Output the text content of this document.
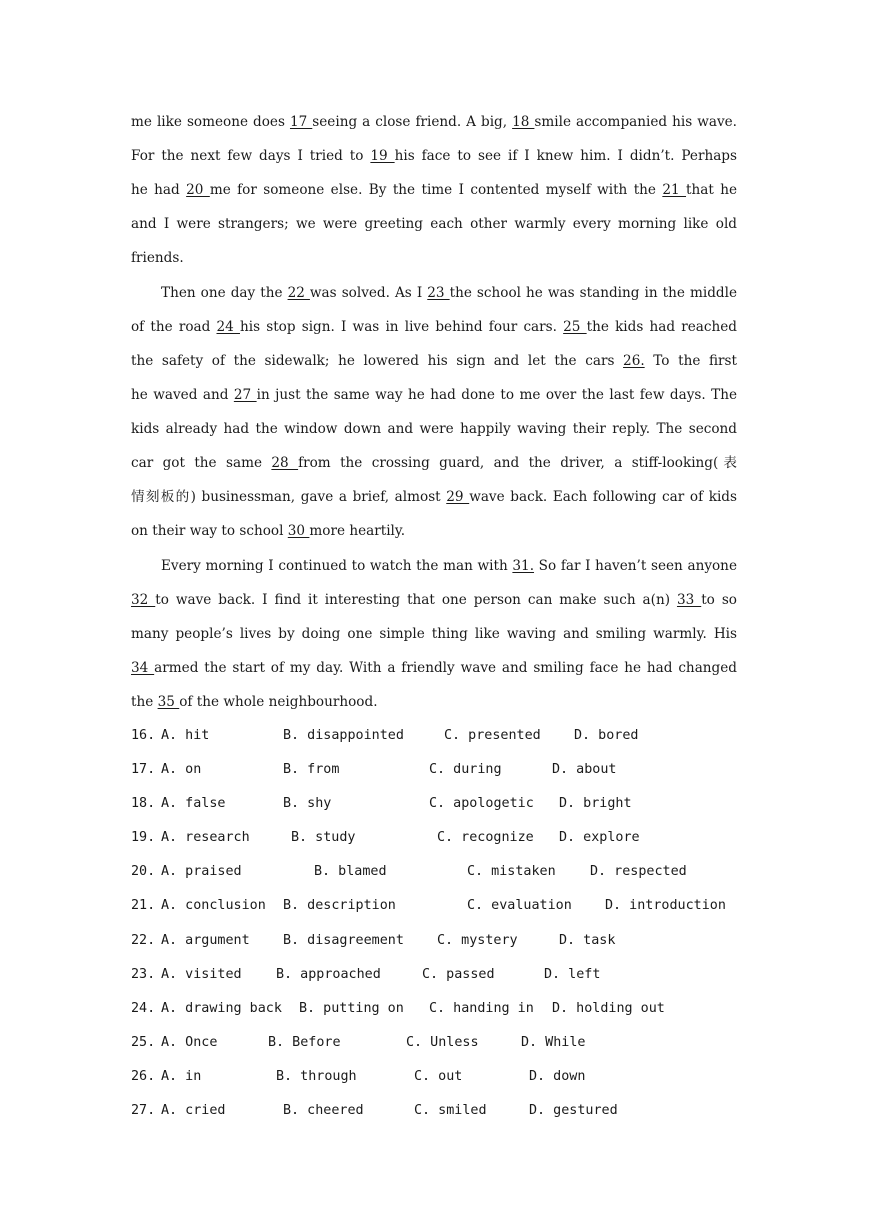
me like someone does 17 seeing a close friend. A big, 18 smile accompanied his wave.
For the next few days I tried to 19 his face to see if I knew him. I didn’t. Perhaps
he had 20 me for someone else. By the time I contented myself with the 21 that he
and I were strangers; we were greeting each other warmly every morning like old
friends.
Then one day the 22 was solved. As I 23 the school he was standing in the middle
of the road 24 his stop sign. I was in live behind four cars. 25 the kids had reached
the safety of the sidewalk; he lowered his sign and let the cars 26. To the first
he waved and 27 in just the same way he had done to me over the last few days. The
kids already had the window down and were happily waving their reply. The second
car got the same 28 from the crossing guard, and the driver, a stiff-looking(表
情刻板的) businessman, gave a brief, almost 29 wave back. Each following car of kids
on their way to school 30 more heartily.
Every morning I continued to watch the man with 31. So far I haven’t seen anyone
32 to wave back. I find it interesting that one person can make such a(n) 33 to so
many people’s lives by doing one simple thing like waving and smiling warmly. His
34 armed the start of my day. With a friendly wave and smiling face he had changed
the 35 of the whole neighbourhood.
16. A. hit	B. disappointed	C. presented D. bored
17. A. on	B. from	C. during	D. about
18. A. false	B. shy	C. apologetic D. bright
19. A. research	B. study	C. recognize D. explore
20. A. praised	B. blamed	C. mistaken	D. respected
21. A. conclusion B. description	C. evaluation D. introduction
22. A. argument B. disagreement C. mystery	D. task
23. A. visited	B. approached	C. passed	D. left
24. A. drawing back B. putting on C. handing in D. holding out
25. A. Once	B. Before	C. Unless	D. While
26. A. in	B. through	C. out	D. down
27. A. cried	B. cheered	C. smiled	D. gestured
